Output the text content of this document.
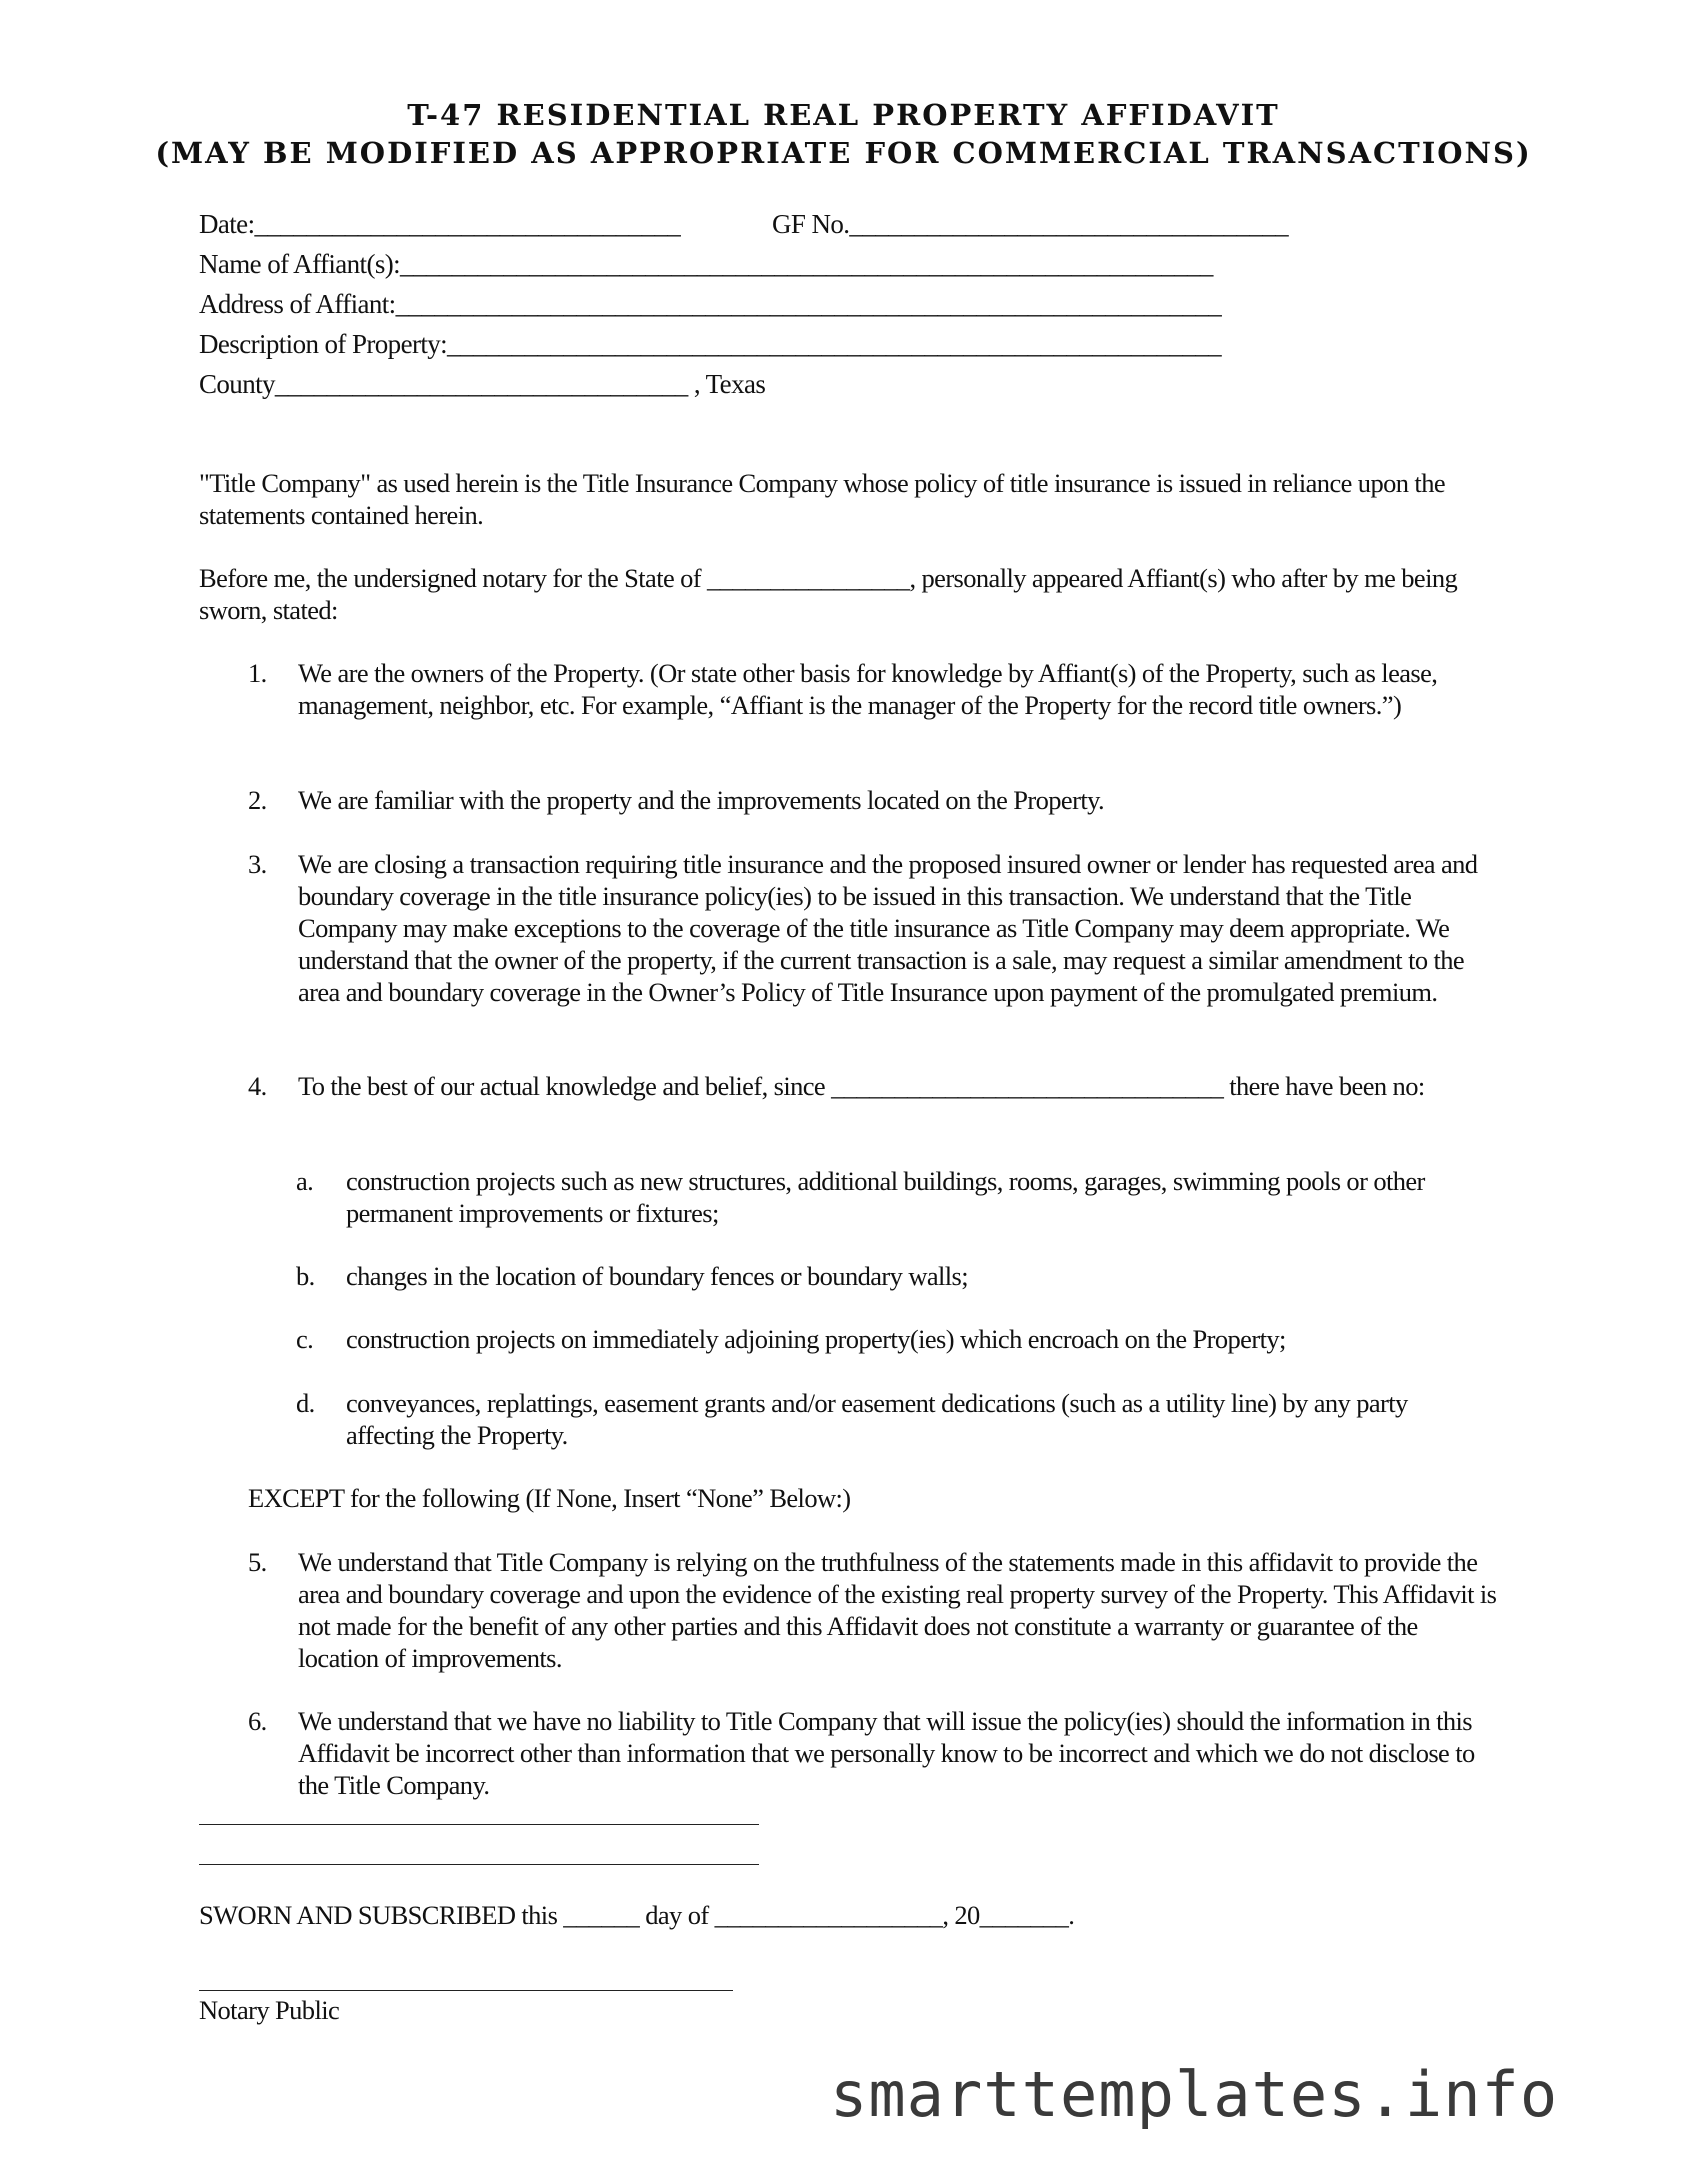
T-47 RESIDENTIAL REAL PROPERTY AFFIDAVIT
(MAY BE MODIFIED AS APPROPRIATE FOR COMMERCIAL TRANSACTIONS)
Date:_________________________________	GF No.__________________________________
Name of Affiant(s):_______________________________________________________________
Address of Affiant:________________________________________________________________
Description of Property:____________________________________________________________
County________________________________ , Texas

"Title Company" as used herein is the Title Insurance Company whose policy of title insurance is issued in reliance upon the statements contained herein.

Before me, the undersigned notary for the State of ________________, personally appeared Affiant(s) who after by me being sworn, stated:

1. We are the owners of the Property. (Or state other basis for knowledge by Affiant(s) of the Property, such as lease, management, neighbor, etc. For example, “Affiant is the manager of the Property for the record title owners.”)
2. We are familiar with the property and the improvements located on the Property.
3. We are closing a transaction requiring title insurance and the proposed insured owner or lender has requested area and boundary coverage in the title insurance policy(ies) to be issued in this transaction. We understand that the Title Company may make exceptions to the coverage of the title insurance as Title Company may deem appropriate. We understand that the owner of the property, if the current transaction is a sale, may request a similar amendment to the area and boundary coverage in the Owner’s Policy of Title Insurance upon payment of the promulgated premium.
4. To the best of our actual knowledge and belief, since _______________________________ there have been no:
a. construction projects such as new structures, additional buildings, rooms, garages, swimming pools or other permanent improvements or fixtures;
b. changes in the location of boundary fences or boundary walls;
c. construction projects on immediately adjoining property(ies) which encroach on the Property;
d. conveyances, replattings, easement grants and/or easement dedications (such as a utility line) by any party affecting the Property.

EXCEPT for the following (If None, Insert “None” Below:)

5. We understand that Title Company is relying on the truthfulness of the statements made in this affidavit to provide the area and boundary coverage and upon the evidence of the existing real property survey of the Property. This Affidavit is not made for the benefit of any other parties and this Affidavit does not constitute a warranty or guarantee of the location of improvements.
6. We understand that we have no liability to Title Company that will issue the policy(ies) should the information in this Affidavit be incorrect other than information that we personally know to be incorrect and which we do not disclose to the Title Company.

SWORN AND SUBSCRIBED this ______ day of __________________, 20_______.

Notary Public

smarttemplates.info
